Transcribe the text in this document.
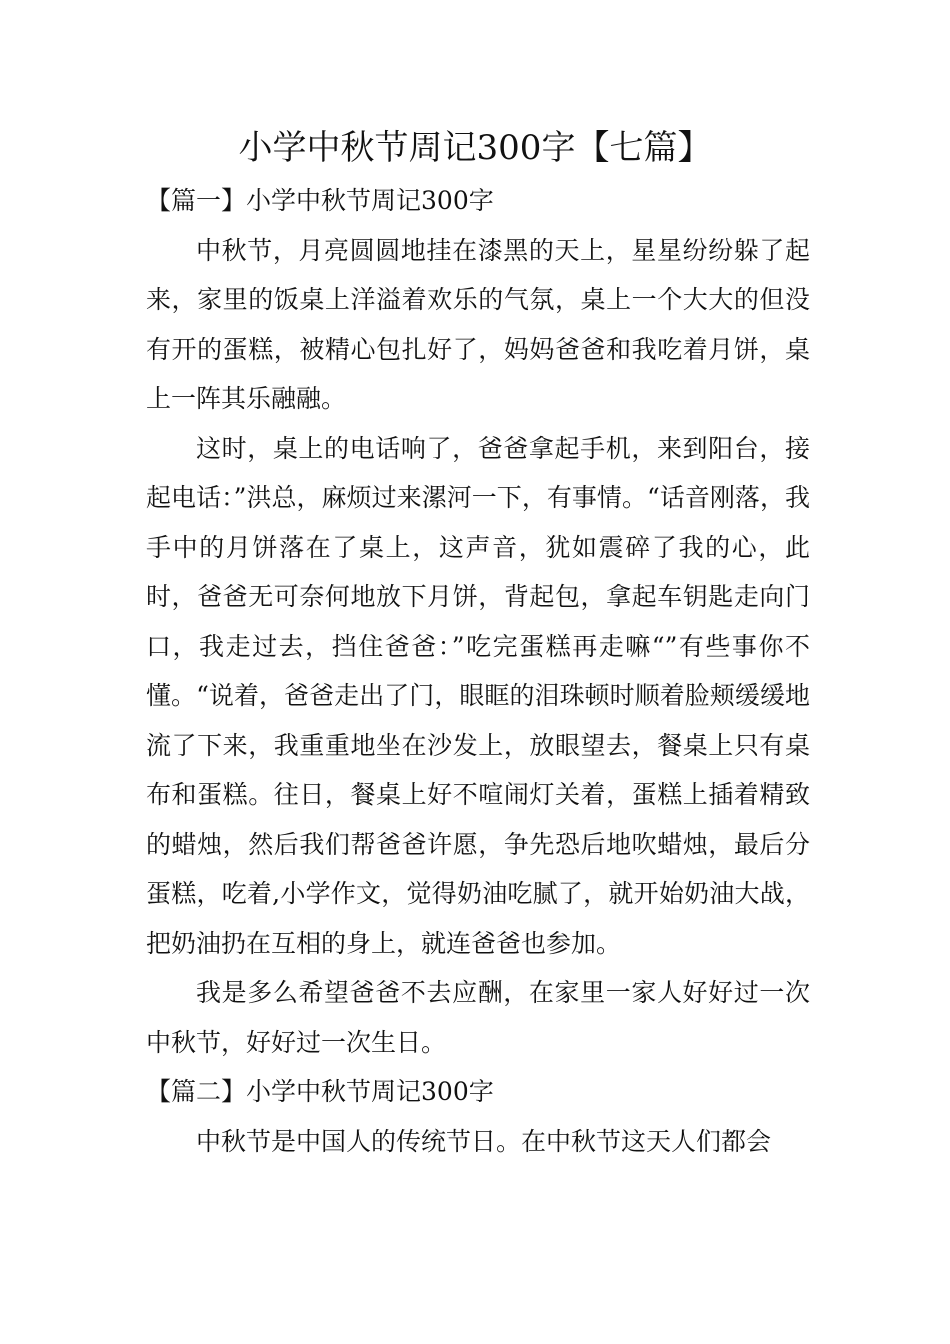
小学中秋节周记300字【七篇】

【篇一】小学中秋节周记300字

中秋节，月亮圆圆地挂在漆黑的天上，星星纷纷躲了起来，家里的饭桌上洋溢着欢乐的气氛，桌上一个大大的但没有开的蛋糕，被精心包扎好了，妈妈爸爸和我吃着月饼，桌上一阵其乐融融。

这时，桌上的电话响了，爸爸拿起手机，来到阳台，接起电话：”洪总，麻烦过来漯河一下，有事情。“话音刚落，我手中的月饼落在了桌上，这声音，犹如震碎了我的心，此时，爸爸无可奈何地放下月饼，背起包，拿起车钥匙走向门口，我走过去，挡住爸爸：”吃完蛋糕再走嘛“”有些事你不懂。“说着，爸爸走出了门，眼眶的泪珠顿时顺着脸颊缓缓地流了下来，我重重地坐在沙发上，放眼望去，餐桌上只有桌布和蛋糕。往日，餐桌上好不喧闹灯关着，蛋糕上插着精致的蜡烛，然后我们帮爸爸许愿，争先恐后地吹蜡烛，最后分蛋糕，吃着,小学作文，觉得奶油吃腻了，就开始奶油大战，把奶油扔在互相的身上，就连爸爸也参加。

我是多么希望爸爸不去应酬，在家里一家人好好过一次中秋节，好好过一次生日。

【篇二】小学中秋节周记300字

中秋节是中国人的传统节日。在中秋节这天人们都会
